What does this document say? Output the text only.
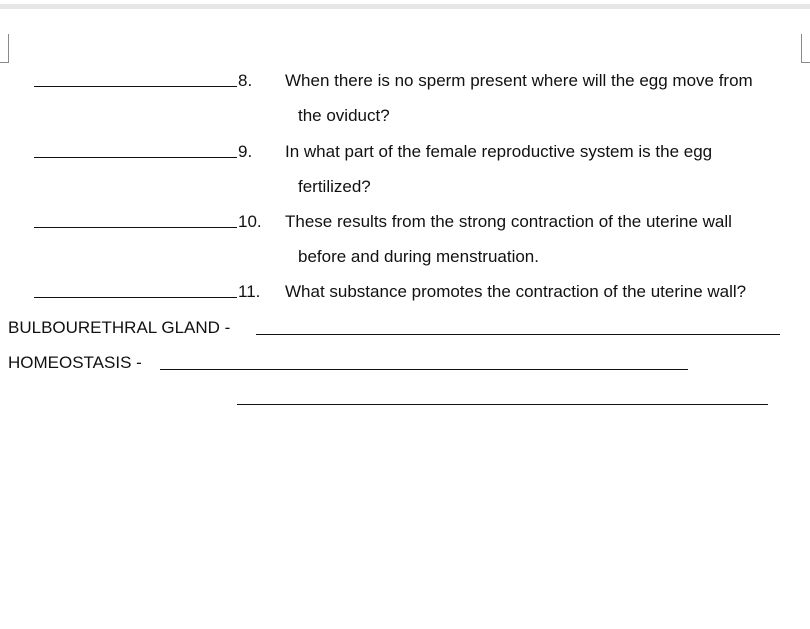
8. When there is no sperm present where will the egg move from
the oviduct?
9. In what part of the female reproductive system is the egg
fertilized?
10. These results from the strong contraction of the uterine wall
before and during menstruation.
11. What substance promotes the contraction of the uterine wall?
BULBOURETHRAL GLAND -
HOMEOSTASIS -
